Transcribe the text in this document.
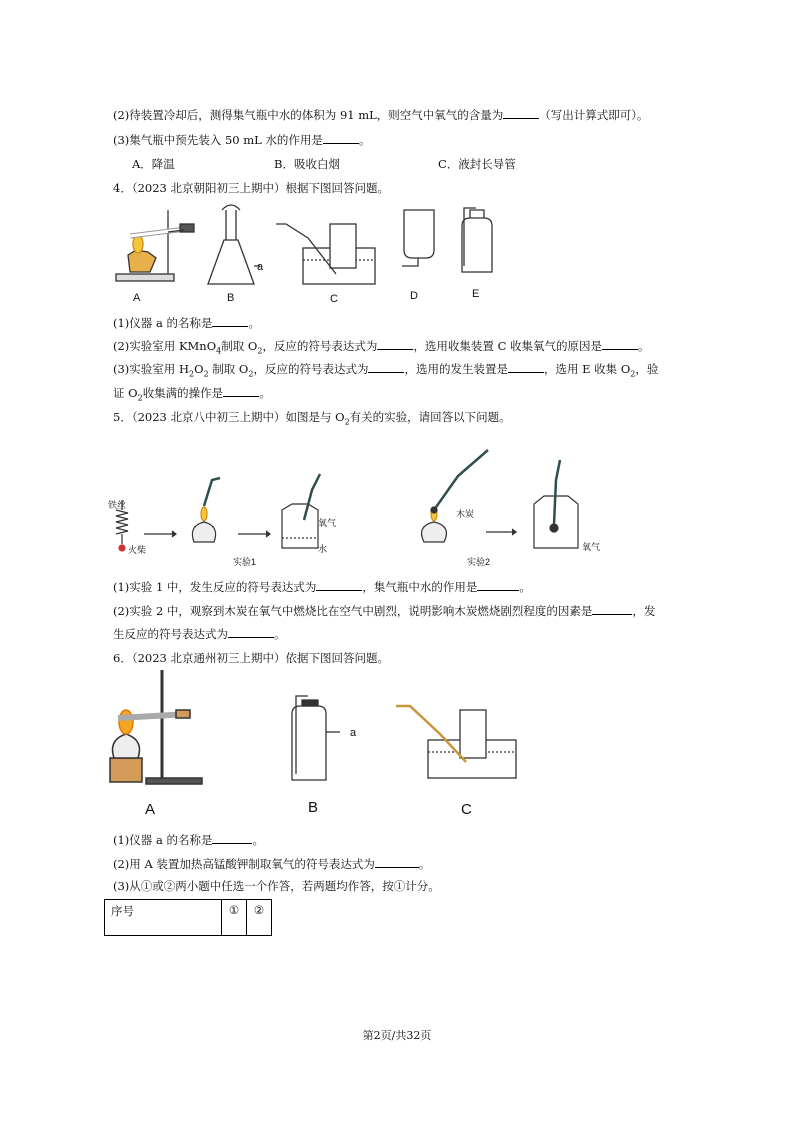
(2)待装置冷却后，测得集气瓶中水的体积为 91 mL，则空气中氧气的含量为	（写出计算式即可）。
(3)集气瓶中预先装入 50 mL 水的作用是	。
A．降温	B．吸收白烟	C．液封长导管
4．（2023 北京朝阳初三上期中）根据下图回答问题。
A	B	C	D	E
a
(1)仪器 a 的名称是	。
(2)实验室用 KMnO$_4$制取 $O_2$，反应的符号表达式为	，选用收集装置 C 收集氧气的原因是	。
(3)实验室用 $H_2O_2$ 制取 $O_2$，反应的符号表达式为	，选用的发生装置是	，选用 E 收集 $O_2$，验
证 $O_2$收集满的操作是	。
5．（2023 北京八中初三上期中）如图是与 $O_2$有关的实验，请回答以下问题。
铁丝
火柴
氧气
水
实验1
木炭
氧气
实验2
(1)实验 1 中，发生反应的符号表达式为	，集气瓶中水的作用是	。
(2)实验 2 中，观察到木炭在氧气中燃烧比在空气中剧烈，说明影响木炭燃烧剧烈程度的因素是	，发
生反应的符号表达式为	。
6．（2023 北京通州初三上期中）依据下图回答问题。
A	B	C
a
(1)仪器 a 的名称是	。
(2)用 A 装置加热高锰酸钾制取氧气的符号表达式为	。
(3)从①或②两小题中任选一个作答，若两题均作答，按①计分。
序号	①	②
第2页/共32页
